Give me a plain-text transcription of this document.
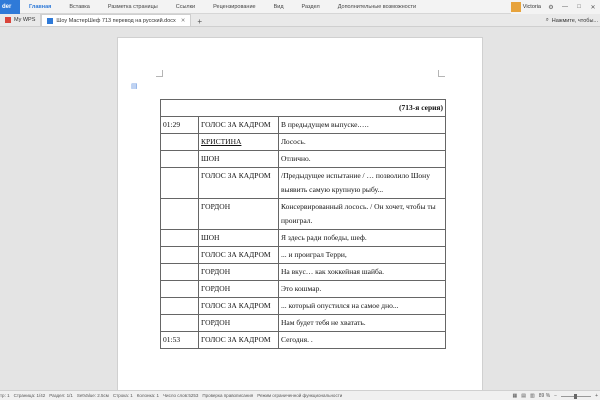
der	Главная	Вставка	Разметка страницы	Ссылки	Рецензирование	Вид	Раздел	Дополнительные возможности	Victoria	⚙	—	□	✕
My WPS	Шоу МастерШеф 713 перевод на русский.docx ✕	+	⌕ Нажмите, чтобы...
▤
(713-я серия)		
01:29	ГОЛОС ЗА КАДРОМ	В предыдущем выпуске.….
	КРИСТИНА	Лосось.
	ШОН	Отлично.
	ГОЛОС ЗА КАДРОМ	/Предыдущее испытание / … позволило Шону выявить самую крупную рыбу...
	ГОРДОН	Консервированный лосось. / Он хочет, чтобы ты проиграл.
	ШОН	Я здесь ради победы, шеф.
	ГОЛОС ЗА КАДРОМ	... и проиграл Терри,
	ГОРДОН	На вкус… как хоккейная шайба.
	ГОРДОН	Это кошмар.
	ГОЛОС ЗА КАДРОМ	... который опустился на самое дно...
	ГОРДОН	Нам будет тебя не хватать.
01:53	ГОЛОС ЗА КАДРОМ	Сегодня. .
тр: 1 Страница: 1/42 Раздел: 1/1 SetValue: 2.5см Строка: 1 Колонка: 1 Число слов:5253 Проверка правописания Режим ограниченной функциональности	▦ ▤ ▥ 89 % −	+
